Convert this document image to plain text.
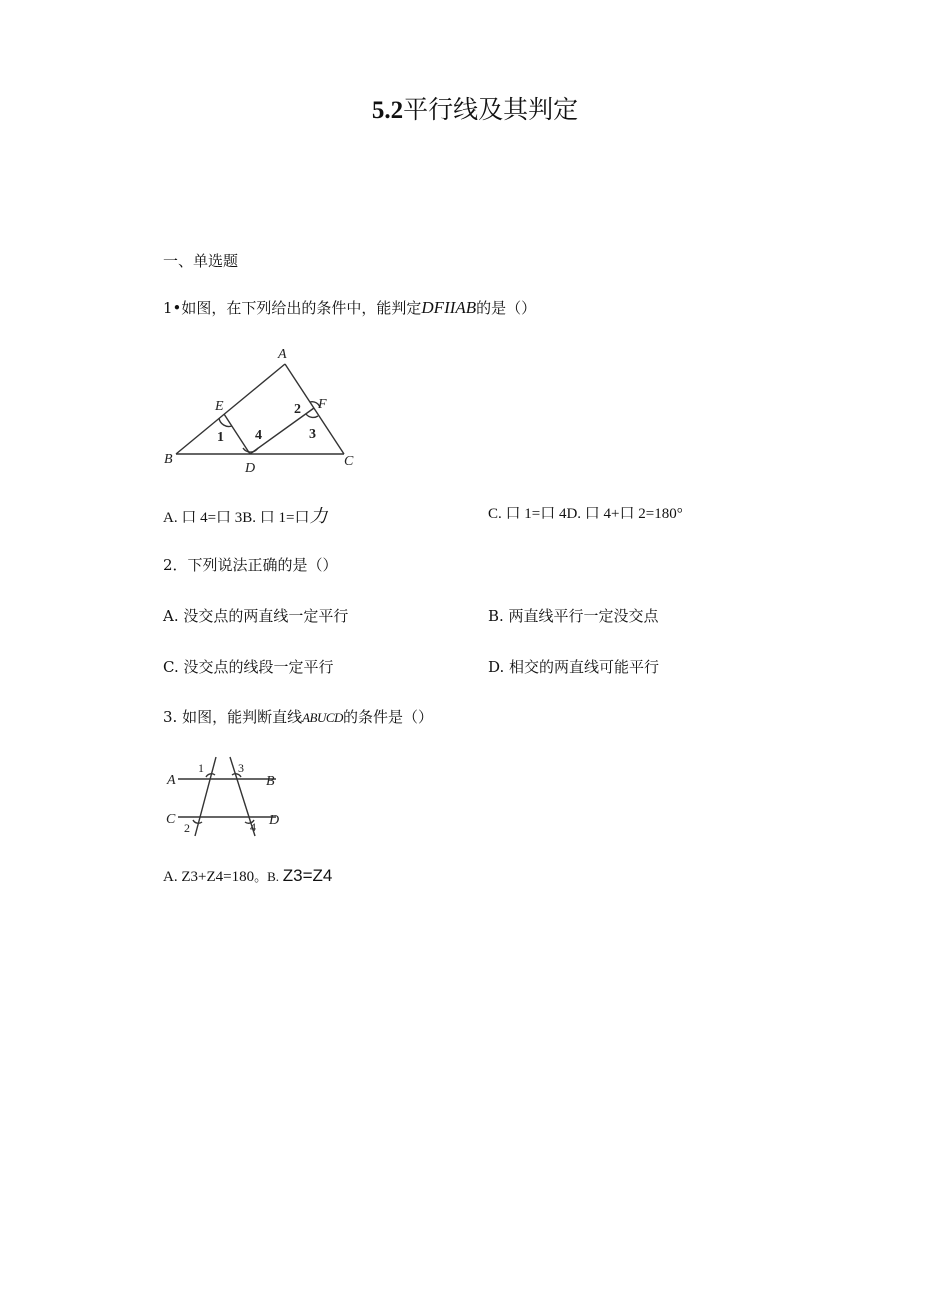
5.2平行线及其判定
一、单选题
1•如图，在下列给出的条件中，能判定DFIIAB的是（）
A
B	C
D
E	F
1
2
3
4
A. 口 4=口 3B. 口 1=口力	C. 口 1=口 4D. 口 4+口 2=180°
2．下列说法正确的是（）
A. 没交点的两直线一定平行	B. 两直线平行一定没交点
C. 没交点的线段一定平行	D. 相交的两直线可能平行
3. 如图，能判断直线ABUCD的条件是（）
A	B
C	D
1	3
2	4
A. Z3+Z4=180。B. Z3=Z4
